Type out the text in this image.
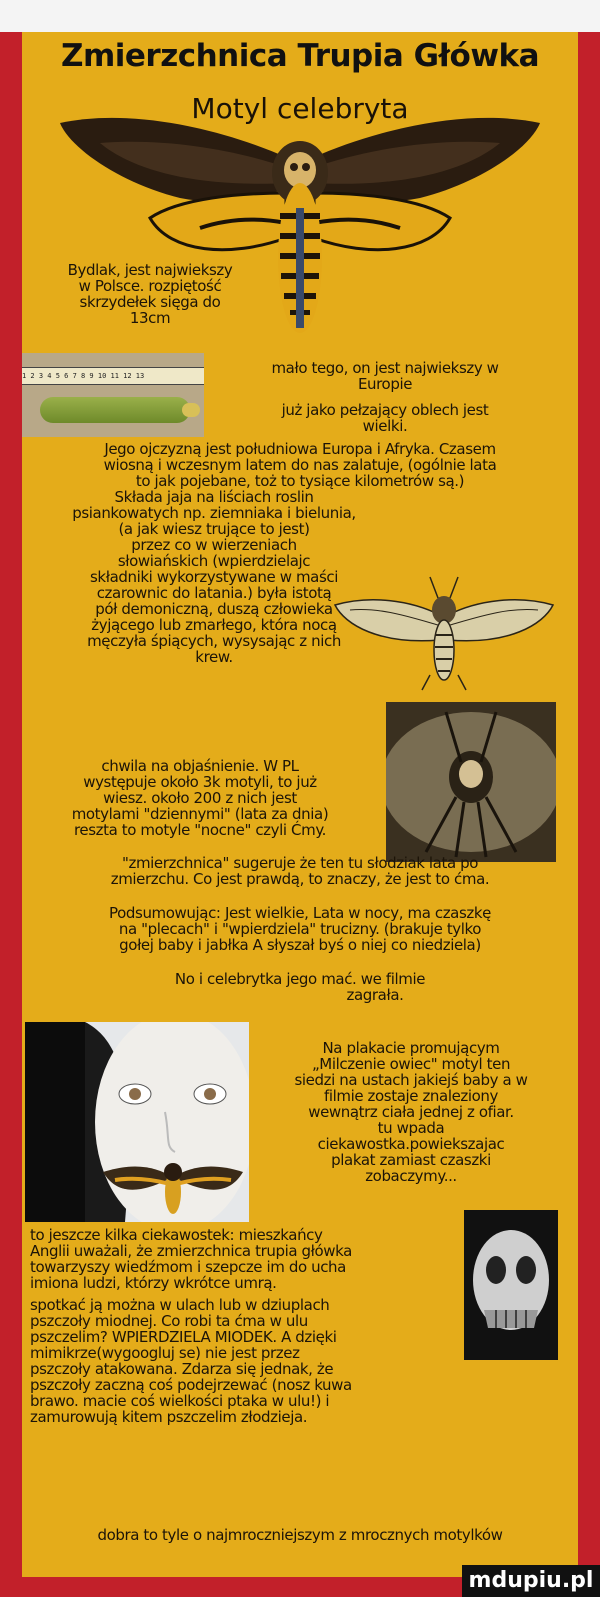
Zmierzchnica Trupia Główka
Motyl celebryta
Bydlak, jest najwiekszy
w Polsce. rozpiętość
skrzydełek sięga do
13cm
1 2 3 4 5 6 7 8 9 10 11 12 13	mało tego, on jest najwiekszy w
Europie
już jako pełzający oblech jest
wielki.
Jego ojczyzną jest południowa Europa i Afryka. Czasem
wiosną i wczesnym latem do nas zalatuje, (ogólnie lata
to jak pojebane, toż to tysiące kilometrów są.)
Składa jaja na liściach roslin
psiankowatych np. ziemniaka i bielunia,
(a jak wiesz trujące to jest)
przez co w wierzeniach
słowiańskich (wpierdzielajc
składniki wykorzystywane w maści
czarownic do latania.) była istotą
pół demoniczną, duszą człowieka
żyjącego lub zmarłego, która nocą
męczyła śpiących, wysysając z nich
krew.
chwila na objaśnienie. W PL
występuje około 3k motyli, to już
wiesz. około 200 z nich jest
motylami "dziennymi" (lata za dnia)
reszta to motyle "nocne" czyli Ćmy.
"zmierzchnica" sugeruje że ten tu słodziak lata po
zmierzchu. Co jest prawdą, to znaczy, że jest to ćma.
Podsumowując: Jest wielkie, Lata w nocy, ma czaszkę
na "plecach" i "wpierdziela" trucizny. (brakuje tylko
gołej baby i jabłka A słyszał byś o niej co niedziela)
No i celebrytka jego mać. we filmie
zagrała.
Na plakacie promującym
„Milczenie owiec" motyl ten
siedzi na ustach jakiejś baby a w
filmie zostaje znaleziony
wewnątrz ciała jednej z ofiar.
tu wpada
ciekawostka.powiekszajac
plakat zamiast czaszki
zobaczymy...
to jeszcze kilka ciekawostek: mieszkańcy
Anglii uważali, że zmierzchnica trupia główka
towarzyszy wiedźmom i szepcze im do ucha
imiona ludzi, którzy wkrótce umrą.
spotkać ją można w ulach lub w dziuplach
pszczoły miodnej. Co robi ta ćma w ulu
pszczelim? WPIERDZIELA MIODEK. A dzięki
mimikrze(wygoogluj se) nie jest przez
pszczoły atakowana. Zdarza się jednak, że
pszczoły zaczną coś podejrzewać (nosz kuwa
brawo. macie coś wielkości ptaka w ulu!) i
zamurowują kitem pszczelim złodzieja.
dobra to tyle o najmroczniejszym z mrocznych motylków
mdupiu.pl
